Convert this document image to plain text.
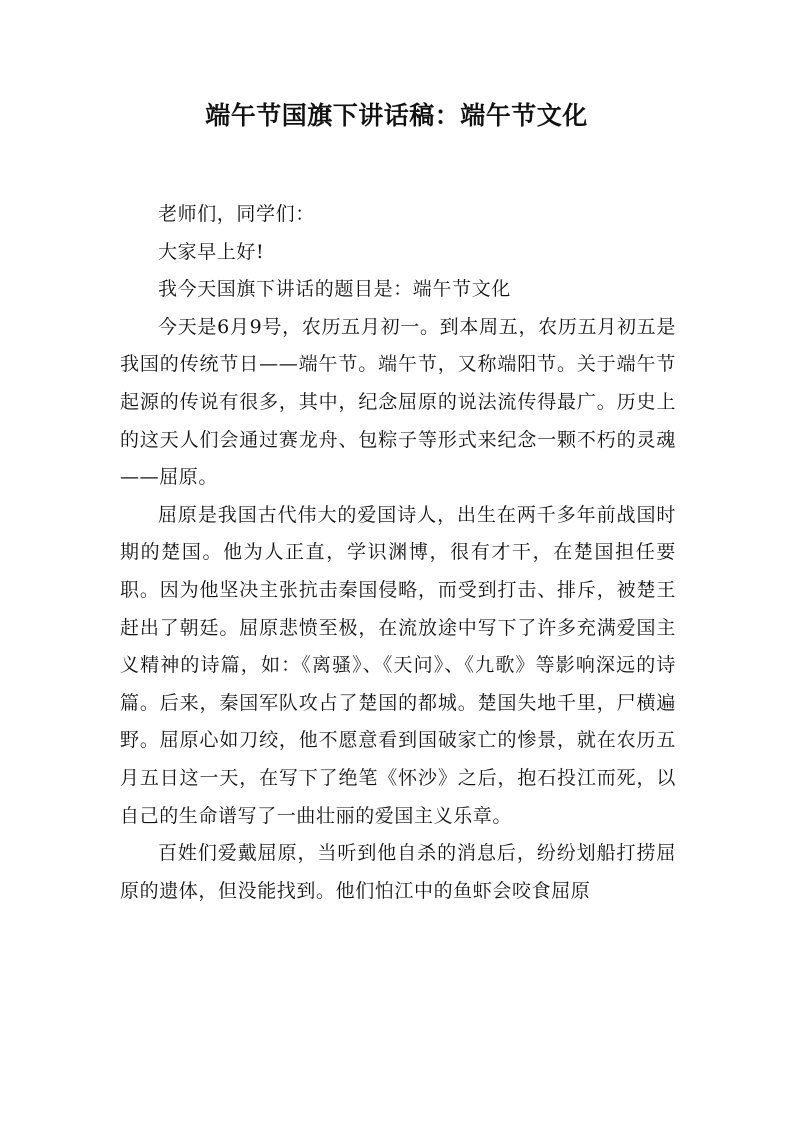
端午节国旗下讲话稿：端午节文化

老师们，同学们：

大家早上好!

我今天国旗下讲话的题目是：端午节文化

今天是6月9号，农历五月初一。到本周五，农历五月初五是我国的传统节日——端午节。端午节，又称端阳节。关于端午节起源的传说有很多，其中，纪念屈原的说法流传得最广。历史上的这天人们会通过赛龙舟、包粽子等形式来纪念一颗不朽的灵魂——屈原。

屈原是我国古代伟大的爱国诗人，出生在两千多年前战国时期的楚国。他为人正直，学识渊博，很有才干，在楚国担任要职。因为他坚决主张抗击秦国侵略，而受到打击、排斥，被楚王赶出了朝廷。屈原悲愤至极，在流放途中写下了许多充满爱国主义精神的诗篇，如：《离骚》、《天问》、《九歌》等影响深远的诗篇。后来，秦国军队攻占了楚国的都城。楚国失地千里，尸横遍野。屈原心如刀绞，他不愿意看到国破家亡的惨景，就在农历五月五日这一天，在写下了绝笔《怀沙》之后，抱石投江而死，以自己的生命谱写了一曲壮丽的爱国主义乐章。

百姓们爱戴屈原，当听到他自杀的消息后，纷纷划船打捞屈原的遗体，但没能找到。他们怕江中的鱼虾会咬食屈原
